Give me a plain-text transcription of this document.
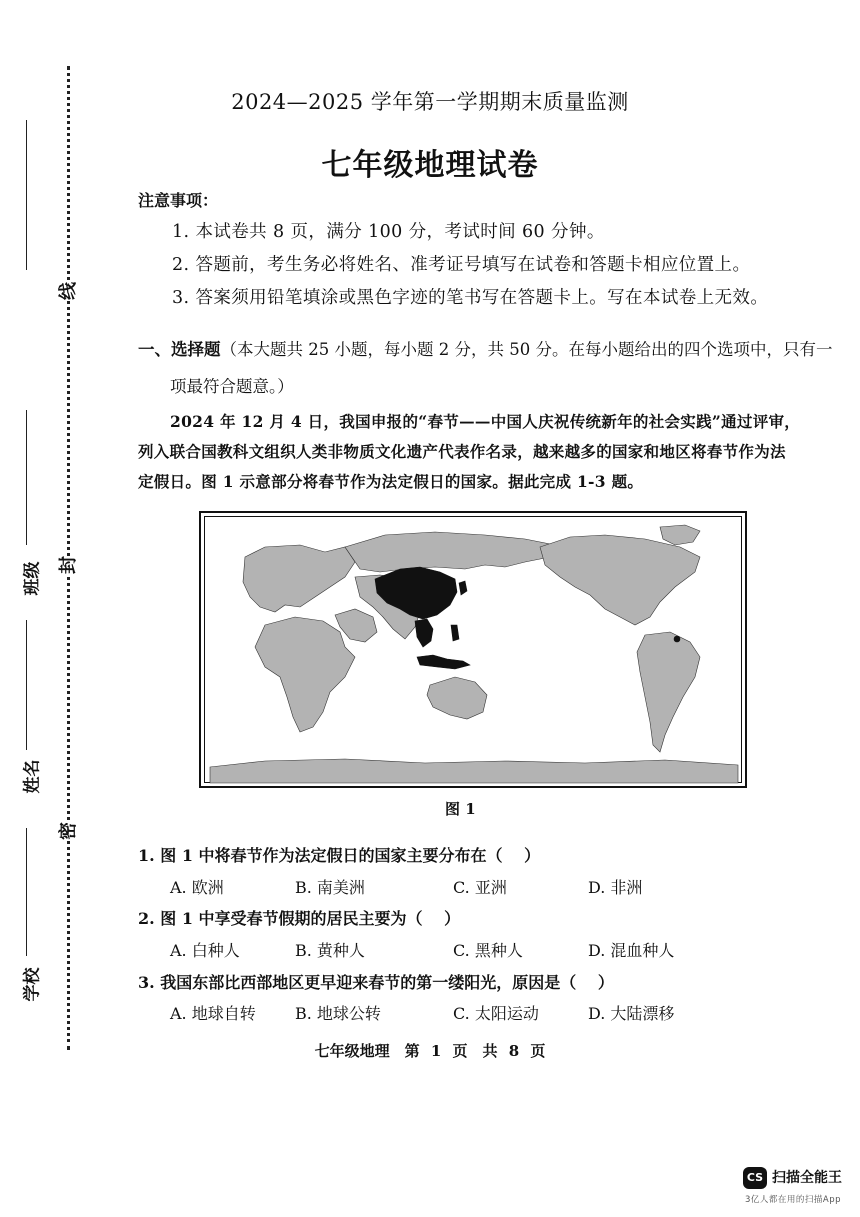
线
封
密
班级
姓名
学校
2024—2025 学年第一学期期末质量监测
七年级地理试卷
注意事项：
1. 本试卷共 8 页，满分 100 分，考试时间 60 分钟。
2. 答题前，考生务必将姓名、准考证号填写在试卷和答题卡相应位置上。
3. 答案须用铅笔填涂或黑色字迹的笔书写在答题卡上。写在本试卷上无效。
一、选择题（本大题共 25 小题，每小题 2 分，共 50 分。在每小题给出的四个选项中，只有一
项最符合题意。）
2024 年 12 月 4 日，我国申报的“春节——中国人庆祝传统新年的社会实践”通过评审，
列入联合国教科文组织人类非物质文化遗产代表作名录，越来越多的国家和地区将春节作为法
定假日。图 1 示意部分将春节作为法定假日的国家。据此完成 1-3 题。
图 1
1. 图 1 中将春节作为法定假日的国家主要分布在（　 ）
A. 欧洲	B. 南美洲	C. 亚洲	D. 非洲
2. 图 1 中享受春节假期的居民主要为（　 ）
A. 白种人	B. 黄种人	C. 黑种人	D. 混血种人
3. 我国东部比西部地区更早迎来春节的第一缕阳光，原因是（　 ）
A. 地球自转 B. 地球公转	C. 太阳运动	D. 大陆漂移
七年级地理　第 1 页　共 8 页
CS 扫描全能王
3亿人都在用的扫描App
